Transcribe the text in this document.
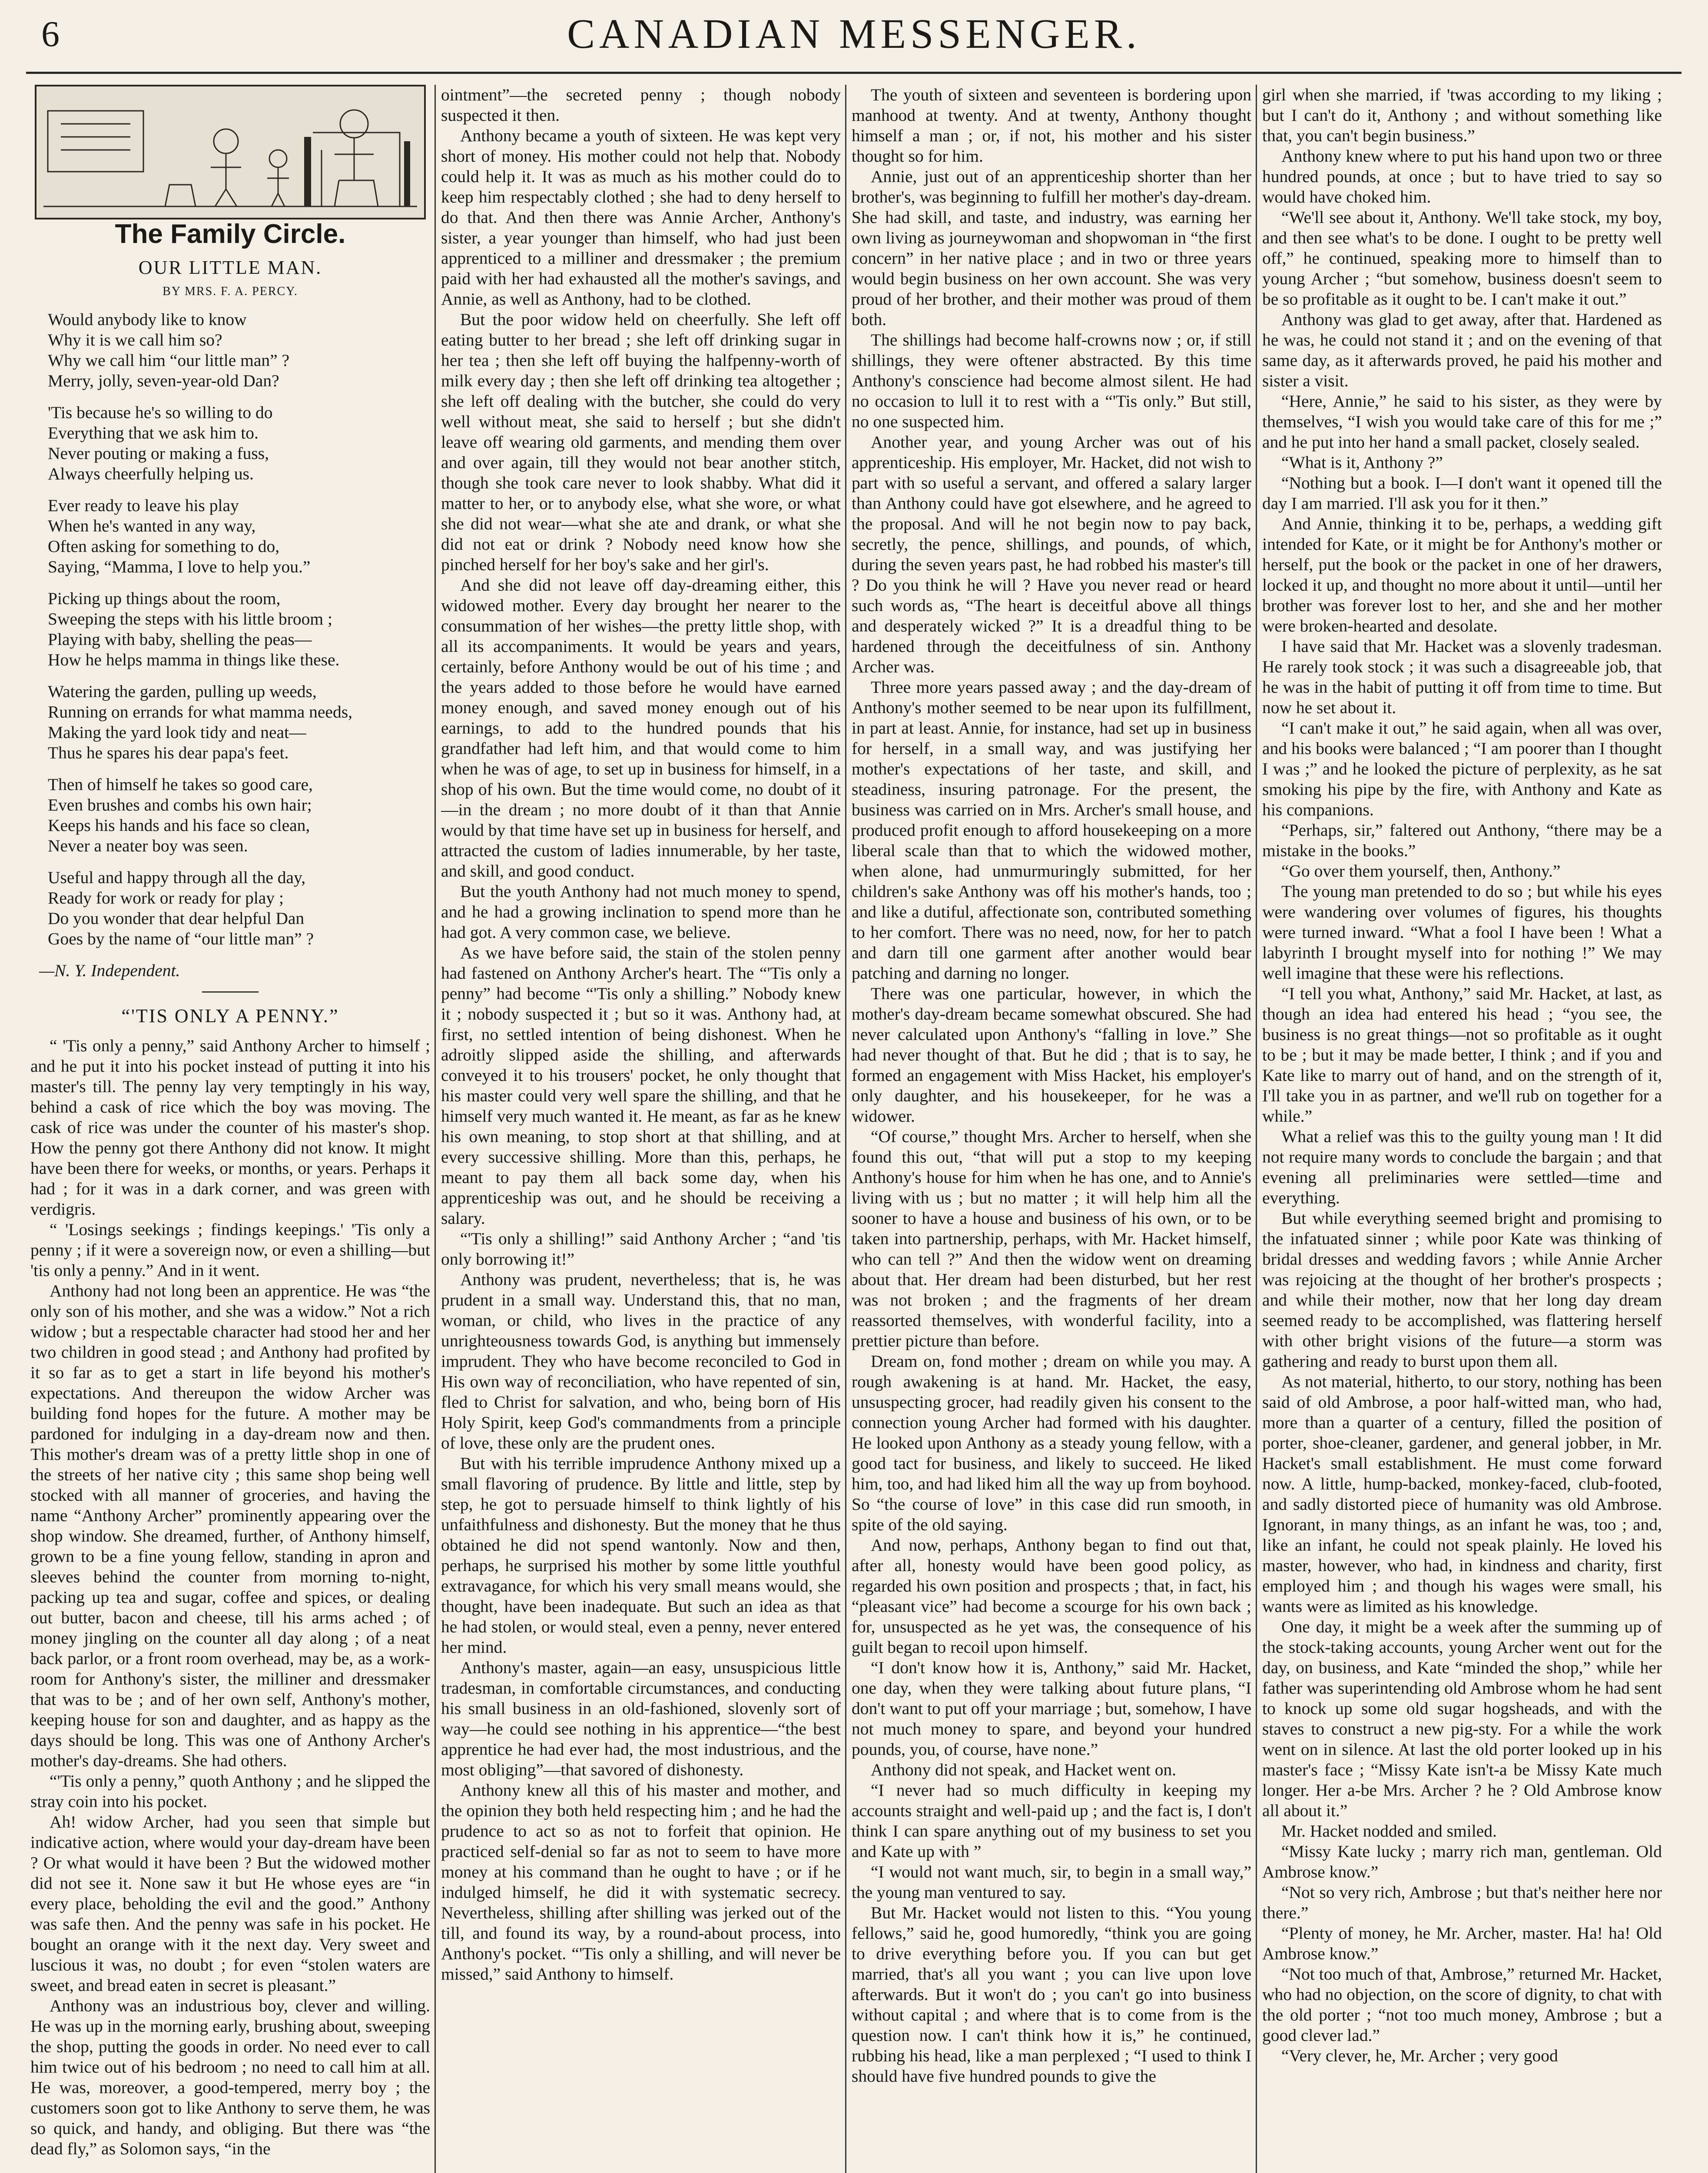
6	CANADIAN MESSENGER.
The Family Circle.
OUR LITTLE MAN.
BY MRS. F. A. PERCY.
Would anybody like to know
Why it is we call him so?
Why we call him “our little man” ?
Merry, jolly, seven-year-old Dan?
'Tis because he's so willing to do
Everything that we ask him to.
Never pouting or making a fuss,
Always cheerfully helping us.
Ever ready to leave his play
When he's wanted in any way,
Often asking for something to do,
Saying, “Mamma, I love to help you.”
Picking up things about the room,
Sweeping the steps with his little broom ;
Playing with baby, shelling the peas—
How he helps mamma in things like these.
Watering the garden, pulling up weeds,
Running on errands for what mamma needs,
Making the yard look tidy and neat—
Thus he spares his dear papa's feet.
Then of himself he takes so good care,
Even brushes and combs his own hair;
Keeps his hands and his face so clean,
Never a neater boy was seen.
Useful and happy through all the day,
Ready for work or ready for play ;
Do you wonder that dear helpful Dan
Goes by the name of “our little man” ?
—N. Y. Independent.
“'TIS ONLY A PENNY.”

“ 'Tis only a penny,” said Anthony Archer to himself ; and he put it into his pocket instead of putting it into his master's till. The penny lay very temptingly in his way, behind a cask of rice which the boy was moving. The cask of rice was under the counter of his master's shop. How the penny got there Anthony did not know. It might have been there for weeks, or months, or years. Perhaps it had ; for it was in a dark corner, and was green with verdigris.

“ 'Losings seekings ; findings keepings.' 'Tis only a penny ; if it were a sovereign now, or even a shilling—but 'tis only a penny.” And in it went.

Anthony had not long been an apprentice. He was “the only son of his mother, and she was a widow.” Not a rich widow ; but a respectable character had stood her and her two children in good stead ; and Anthony had profited by it so far as to get a start in life beyond his mother's expectations. And thereupon the widow Archer was building fond hopes for the future. A mother may be pardoned for indulging in a day-dream now and then. This mother's dream was of a pretty little shop in one of the streets of her native city ; this same shop being well stocked with all manner of groceries, and having the name “Anthony Archer” prominently appearing over the shop window. She dreamed, further, of Anthony himself, grown to be a fine young fellow, standing in apron and sleeves behind the counter from morning to-night, packing up tea and sugar, coffee and spices, or dealing out butter, bacon and cheese, till his arms ached ; of money jingling on the counter all day along ; of a neat back parlor, or a front room overhead, may be, as a work-room for Anthony's sister, the milliner and dressmaker that was to be ; and of her own self, Anthony's mother, keeping house for son and daughter, and as happy as the days should be long. This was one of Anthony Archer's mother's day-dreams. She had others.

“'Tis only a penny,” quoth Anthony ; and he slipped the stray coin into his pocket.

Ah! widow Archer, had you seen that simple but indicative action, where would your day-dream have been ? Or what would it have been ? But the widowed mother did not see it. None saw it but He whose eyes are “in every place, beholding the evil and the good.” Anthony was safe then. And the penny was safe in his pocket. He bought an orange with it the next day. Very sweet and luscious it was, no doubt ; for even “stolen waters are sweet, and bread eaten in secret is pleasant.”

Anthony was an industrious boy, clever and willing. He was up in the morning early, brushing about, sweeping the shop, putting the goods in order. No need ever to call him twice out of his bedroom ; no need to call him at all. He was, moreover, a good-tempered, merry boy ; the customers soon got to like Anthony to serve them, he was so quick, and handy, and obliging. But there was “the dead fly,” as Solomon says, “in the

ointment”—the secreted penny ; though nobody suspected it then.

Anthony became a youth of sixteen. He was kept very short of money. His mother could not help that. Nobody could help it. It was as much as his mother could do to keep him respectably clothed ; she had to deny herself to do that. And then there was Annie Archer, Anthony's sister, a year younger than himself, who had just been apprenticed to a milliner and dressmaker ; the premium paid with her had exhausted all the mother's savings, and Annie, as well as Anthony, had to be clothed.

But the poor widow held on cheerfully. She left off eating butter to her bread ; she left off drinking sugar in her tea ; then she left off buying the halfpenny-worth of milk every day ; then she left off drinking tea altogether ; she left off dealing with the butcher, she could do very well without meat, she said to herself ; but she didn't leave off wearing old garments, and mending them over and over again, till they would not bear another stitch, though she took care never to look shabby. What did it matter to her, or to anybody else, what she wore, or what she did not wear—what she ate and drank, or what she did not eat or drink ? Nobody need know how she pinched herself for her boy's sake and her girl's.

And she did not leave off day-dreaming either, this widowed mother. Every day brought her nearer to the consummation of her wishes—the pretty little shop, with all its accompaniments. It would be years and years, certainly, before Anthony would be out of his time ; and the years added to those before he would have earned money enough, and saved money enough out of his earnings, to add to the hundred pounds that his grandfather had left him, and that would come to him when he was of age, to set up in business for himself, in a shop of his own. But the time would come, no doubt of it—in the dream ; no more doubt of it than that Annie would by that time have set up in business for herself, and attracted the custom of ladies innumerable, by her taste, and skill, and good conduct.

But the youth Anthony had not much money to spend, and he had a growing inclination to spend more than he had got. A very common case, we believe.

As we have before said, the stain of the stolen penny had fastened on Anthony Archer's heart. The “'Tis only a penny” had become “'Tis only a shilling.” Nobody knew it ; nobody suspected it ; but so it was. Anthony had, at first, no settled intention of being dishonest. When he adroitly slipped aside the shilling, and afterwards conveyed it to his trousers' pocket, he only thought that his master could very well spare the shilling, and that he himself very much wanted it. He meant, as far as he knew his own meaning, to stop short at that shilling, and at every successive shilling. More than this, perhaps, he meant to pay them all back some day, when his apprenticeship was out, and he should be receiving a salary.

“'Tis only a shilling!” said Anthony Archer ; “and 'tis only borrowing it!”

Anthony was prudent, nevertheless; that is, he was prudent in a small way. Understand this, that no man, woman, or child, who lives in the practice of any unrighteousness towards God, is anything but immensely imprudent. They who have become reconciled to God in His own way of reconciliation, who have repented of sin, fled to Christ for salvation, and who, being born of His Holy Spirit, keep God's commandments from a principle of love, these only are the prudent ones.

But with his terrible imprudence Anthony mixed up a small flavoring of prudence. By little and little, step by step, he got to persuade himself to think lightly of his unfaithfulness and dishonesty. But the money that he thus obtained he did not spend wantonly. Now and then, perhaps, he surprised his mother by some little youthful extravagance, for which his very small means would, she thought, have been inadequate. But such an idea as that he had stolen, or would steal, even a penny, never entered her mind.

Anthony's master, again—an easy, unsuspicious little tradesman, in comfortable circumstances, and conducting his small business in an old-fashioned, slovenly sort of way—he could see nothing in his apprentice—“the best apprentice he had ever had, the most industrious, and the most obliging”—that savored of dishonesty.

Anthony knew all this of his master and mother, and the opinion they both held respecting him ; and he had the prudence to act so as not to forfeit that opinion. He practiced self-denial so far as not to seem to have more money at his command than he ought to have ; or if he indulged himself, he did it with systematic secrecy. Nevertheless, shilling after shilling was jerked out of the till, and found its way, by a round-about process, into Anthony's pocket. “'Tis only a shilling, and will never be missed,” said Anthony to himself.

The youth of sixteen and seventeen is bordering upon manhood at twenty. And at twenty, Anthony thought himself a man ; or, if not, his mother and his sister thought so for him.

Annie, just out of an apprenticeship shorter than her brother's, was beginning to fulfill her mother's day-dream. She had skill, and taste, and industry, was earning her own living as journeywoman and shopwoman in “the first concern” in her native place ; and in two or three years would begin business on her own account. She was very proud of her brother, and their mother was proud of them both.

The shillings had become half-crowns now ; or, if still shillings, they were oftener abstracted. By this time Anthony's conscience had become almost silent. He had no occasion to lull it to rest with a “'Tis only.” But still, no one suspected him.

Another year, and young Archer was out of his apprenticeship. His employer, Mr. Hacket, did not wish to part with so useful a servant, and offered a salary larger than Anthony could have got elsewhere, and he agreed to the proposal. And will he not begin now to pay back, secretly, the pence, shillings, and pounds, of which, during the seven years past, he had robbed his master's till ? Do you think he will ? Have you never read or heard such words as, “The heart is deceitful above all things and desperately wicked ?” It is a dreadful thing to be hardened through the deceitfulness of sin. Anthony Archer was.

Three more years passed away ; and the day-dream of Anthony's mother seemed to be near upon its fulfillment, in part at least. Annie, for instance, had set up in business for herself, in a small way, and was justifying her mother's expectations of her taste, and skill, and steadiness, insuring patronage. For the present, the business was carried on in Mrs. Archer's small house, and produced profit enough to afford housekeeping on a more liberal scale than that to which the widowed mother, when alone, had unmurmuringly submitted, for her children's sake Anthony was off his mother's hands, too ; and like a dutiful, affectionate son, contributed something to her comfort. There was no need, now, for her to patch and darn till one garment after another would bear patching and darning no longer.

There was one particular, however, in which the mother's day-dream became somewhat obscured. She had never calculated upon Anthony's “falling in love.” She had never thought of that. But he did ; that is to say, he formed an engagement with Miss Hacket, his employer's only daughter, and his housekeeper, for he was a widower.

“Of course,” thought Mrs. Archer to herself, when she found this out, “that will put a stop to my keeping Anthony's house for him when he has one, and to Annie's living with us ; but no matter ; it will help him all the sooner to have a house and business of his own, or to be taken into partnership, perhaps, with Mr. Hacket himself, who can tell ?” And then the widow went on dreaming about that. Her dream had been disturbed, but her rest was not broken ; and the fragments of her dream reassorted themselves, with wonderful facility, into a prettier picture than before.

Dream on, fond mother ; dream on while you may. A rough awakening is at hand. Mr. Hacket, the easy, unsuspecting grocer, had readily given his consent to the connection young Archer had formed with his daughter. He looked upon Anthony as a steady young fellow, with a good tact for business, and likely to succeed. He liked him, too, and had liked him all the way up from boyhood. So “the course of love” in this case did run smooth, in spite of the old saying.

And now, perhaps, Anthony began to find out that, after all, honesty would have been good policy, as regarded his own position and prospects ; that, in fact, his “pleasant vice” had become a scourge for his own back ; for, unsuspected as he yet was, the consequence of his guilt began to recoil upon himself.

“I don't know how it is, Anthony,” said Mr. Hacket, one day, when they were talking about future plans, “I don't want to put off your marriage ; but, somehow, I have not much money to spare, and beyond your hundred pounds, you, of course, have none.”

Anthony did not speak, and Hacket went on.

“I never had so much difficulty in keeping my accounts straight and well-paid up ; and the fact is, I don't think I can spare anything out of my business to set you and Kate up with ”

“I would not want much, sir, to begin in a small way,” the young man ventured to say.

But Mr. Hacket would not listen to this. “You young fellows,” said he, good humoredly, “think you are going to drive everything before you. If you can but get married, that's all you want ; you can live upon love afterwards. But it won't do ; you can't go into business without capital ; and where that is to come from is the question now. I can't think how it is,” he continued, rubbing his head, like a man perplexed ; “I used to think I should have five hundred pounds to give the

girl when she married, if 'twas according to my liking ; but I can't do it, Anthony ; and without something like that, you can't begin business.”

Anthony knew where to put his hand upon two or three hundred pounds, at once ; but to have tried to say so would have choked him.

“We'll see about it, Anthony. We'll take stock, my boy, and then see what's to be done. I ought to be pretty well off,” he continued, speaking more to himself than to young Archer ; “but somehow, business doesn't seem to be so profitable as it ought to be. I can't make it out.”

Anthony was glad to get away, after that. Hardened as he was, he could not stand it ; and on the evening of that same day, as it afterwards proved, he paid his mother and sister a visit.

“Here, Annie,” he said to his sister, as they were by themselves, “I wish you would take care of this for me ;” and he put into her hand a small packet, closely sealed.

“What is it, Anthony ?”

“Nothing but a book. I—I don't want it opened till the day I am married. I'll ask you for it then.”

And Annie, thinking it to be, perhaps, a wedding gift intended for Kate, or it might be for Anthony's mother or herself, put the book or the packet in one of her drawers, locked it up, and thought no more about it until—until her brother was forever lost to her, and she and her mother were broken-hearted and desolate.

I have said that Mr. Hacket was a slovenly tradesman. He rarely took stock ; it was such a disagreeable job, that he was in the habit of putting it off from time to time. But now he set about it.

“I can't make it out,” he said again, when all was over, and his books were balanced ; “I am poorer than I thought I was ;” and he looked the picture of perplexity, as he sat smoking his pipe by the fire, with Anthony and Kate as his companions.

“Perhaps, sir,” faltered out Anthony, “there may be a mistake in the books.”

“Go over them yourself, then, Anthony.”

The young man pretended to do so ; but while his eyes were wandering over volumes of figures, his thoughts were turned inward. “What a fool I have been ! What a labyrinth I brought myself into for nothing !” We may well imagine that these were his reflections.

“I tell you what, Anthony,” said Mr. Hacket, at last, as though an idea had entered his head ; “you see, the business is no great things—not so profitable as it ought to be ; but it may be made better, I think ; and if you and Kate like to marry out of hand, and on the strength of it, I'll take you in as partner, and we'll rub on together for a while.”

What a relief was this to the guilty young man ! It did not require many words to conclude the bargain ; and that evening all preliminaries were settled—time and everything.

But while everything seemed bright and promising to the infatuated sinner ; while poor Kate was thinking of bridal dresses and wedding favors ; while Annie Archer was rejoicing at the thought of her brother's prospects ; and while their mother, now that her long day dream seemed ready to be accomplished, was flattering herself with other bright visions of the future—a storm was gathering and ready to burst upon them all.

As not material, hitherto, to our story, nothing has been said of old Ambrose, a poor half-witted man, who had, more than a quarter of a century, filled the position of porter, shoe-cleaner, gardener, and general jobber, in Mr. Hacket's small establishment. He must come forward now. A little, hump-backed, monkey-faced, club-footed, and sadly distorted piece of humanity was old Ambrose. Ignorant, in many things, as an infant he was, too ; and, like an infant, he could not speak plainly. He loved his master, however, who had, in kindness and charity, first employed him ; and though his wages were small, his wants were as limited as his knowledge.

One day, it might be a week after the summing up of the stock-taking accounts, young Archer went out for the day, on business, and Kate “minded the shop,” while her father was superintending old Ambrose whom he had sent to knock up some old sugar hogsheads, and with the staves to construct a new pig-sty. For a while the work went on in silence. At last the old porter looked up in his master's face ; “Missy Kate isn't-a be Missy Kate much longer. Her a-be Mrs. Archer ? he ? Old Ambrose know all about it.”

Mr. Hacket nodded and smiled.

“Missy Kate lucky ; marry rich man, gentleman. Old Ambrose know.”

“Not so very rich, Ambrose ; but that's neither here nor there.”

“Plenty of money, he Mr. Archer, master. Ha! ha! Old Ambrose know.”

“Not too much of that, Ambrose,” returned Mr. Hacket, who had no objection, on the score of dignity, to chat with the old porter ; “not too much money, Ambrose ; but a good clever lad.”

“Very clever, he, Mr. Archer ; very good
